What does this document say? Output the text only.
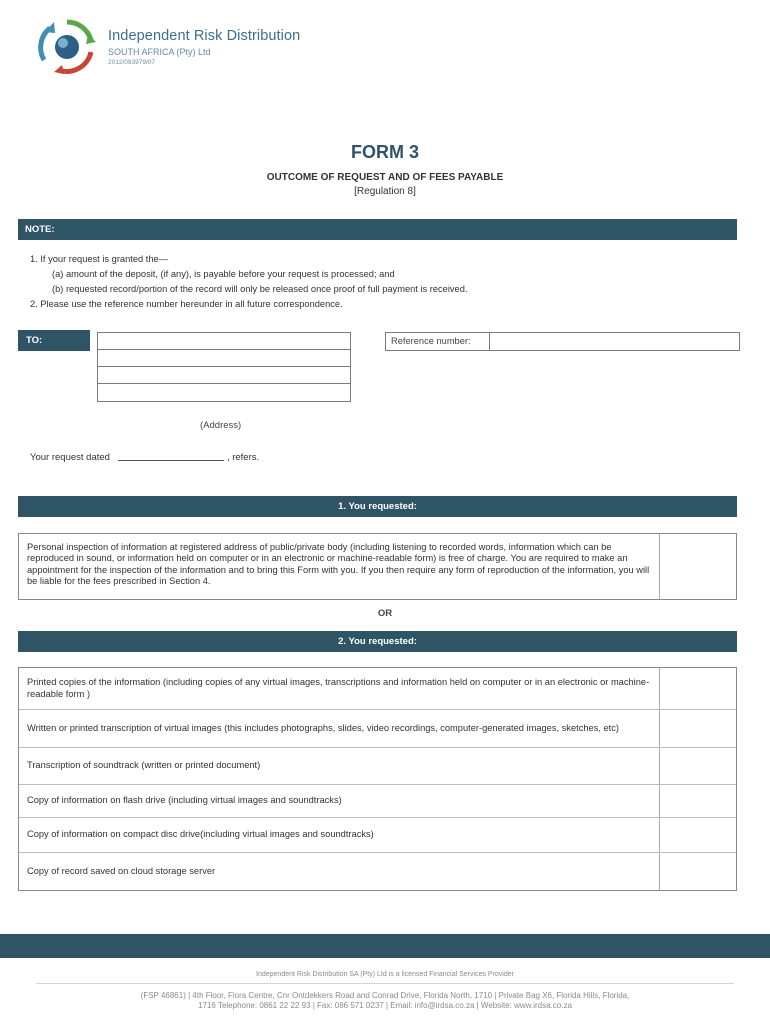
Independent Risk Distribution
SOUTH AFRICA (Pty) Ltd
2012/093979/07
FORM 3
OUTCOME OF REQUEST AND OF FEES PAYABLE
[Regulation 8]
NOTE:
1. If your request is granted the—
(a) amount of the deposit, (if any), is payable before your request is processed; and
(b) requested record/portion of the record will only be released once proof of full payment is received.
2. Please use the reference number hereunder in all future correspondence.
TO:	Reference number:
(Address)
Your request dated	, refers.
1. You requested:
Personal inspection of information at registered address of public/private body (including listening to recorded words, information which can be reproduced in sound, or information held on computer or in an electronic or machine-readable form) is free of charge. You are required to make an appointment for the inspection of the information and to bring this Form with you. If you then require any form of reproduction of the information, you will be liable for the fees prescribed in Section 4.
OR
2. You requested:
Printed copies of the information (including copies of any virtual images, transcriptions and information held on computer or in an electronic or machine-readable form )
Written or printed transcription of virtual images (this includes photographs, slides, video recordings, computer-generated images, sketches, etc)
Transcription of soundtrack (written or printed document)
Copy of information on flash drive (including virtual images and soundtracks)
Copy of information on compact disc drive(including virtual images and soundtracks)
Copy of record saved on cloud storage server
Independent Risk Distribution SA (Pty) Ltd is a licensed Financial Services Provider
(FSP 46861) | 4th Floor, Flora Centre, Cnr Ontdekkers Road and Conrad Drive, Florida North, 1710 | Private Bag X6, Florida Hills, Florida,
1716 Telephone: 0861 22 22 93 | Fax: 086 571 0237 | Email: info@irdsa.co.za | Website: www.irdsa.co.za
